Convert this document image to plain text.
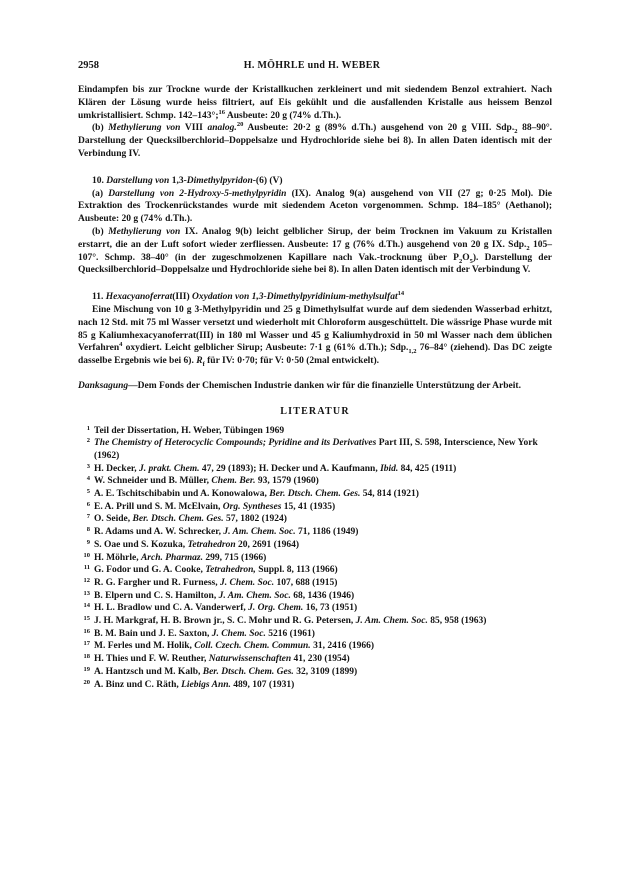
2958	H. MÖHRLE und H. WEBER

Eindampfen bis zur Trockne wurde der Kristallkuchen zerkleinert und mit siedendem Benzol extrahiert. Nach Klären der Lösung wurde heiss filtriert, auf Eis gekühlt und die ausfallenden Kristalle aus heissem Benzol umkristallisiert. Schmp. 142–143°;$^{16}$ Ausbeute: 20 g (74% d.Th.).

(b) Methylierung von VIII analog.$^{20}$ Ausbeute: 20·2 g (89% d.Th.) ausgehend von 20 g VIII. $Sdp._2$ 88–90°. Darstellung der Quecksilberchlorid–Doppelsalze und Hydrochloride siehe bei 8). In allen Daten identisch mit der Verbindung IV.

10. Darstellung von 1,3-Dimethylpyridon-(6) (V)

(a) Darstellung von 2-Hydroxy-5-methylpyridin (IX). Analog 9(a) ausgehend von VII (27 g; 0·25 Mol). Die Extraktion des Trockenrückstandes wurde mit siedendem Aceton vorgenommen. Schmp. 184–185° (Aethanol); Ausbeute: 20 g (74% d.Th.).

(b) Methylierung von IX. Analog 9(b) leicht gelblicher Sirup, der beim Trocknen im Vakuum zu Kristallen erstarrt, die an der Luft sofort wieder zerfliessen. Ausbeute: 17 g (76% d.Th.) ausgehend von 20 g IX. $Sdp._2$ 105–107°. Schmp. 38–40° (in der zugeschmolzenen Kapillare nach Vak.-trocknung über $P_2O_5$). Darstellung der Quecksilberchlorid–Doppelsalze und Hydrochloride siehe bei 8). In allen Daten identisch mit der Verbindung V.

11. Hexacyanoferrat(III) Oxydation von 1,3-Dimethylpyridinium-methylsulfat$^{14}$

Eine Mischung von 10 g 3-Methylpyridin und 25 g Dimethylsulfat wurde auf dem siedenden Wasserbad erhitzt, nach 12 Std. mit 75 ml Wasser versetzt und wiederholt mit Chloroform ausgeschüttelt. Die wässrige Phase wurde mit 85 g Kaliumhexacyanoferrat(III) in 180 ml Wasser und 45 g Kaliumhydroxid in 50 ml Wasser nach dem üblichen Verfahren$^4$ oxydiert. Leicht gelblicher Sirup; Ausbeute: 7·1 g (61% d.Th.); $Sdp._{1,2}$ 76–84° (ziehend). Das DC zeigte dasselbe Ergebnis wie bei 6). $R_f$ für IV: 0·70; für V: 0·50 (2mal entwickelt).

Danksagung—Dem Fonds der Chemischen Industrie danken wir für die finanzielle Unterstützung der Arbeit.

LITERATUR
1 Teil der Dissertation, H. Weber, Tübingen 1969
2 The Chemistry of Heterocyclic Compounds; Pyridine and its Derivatives Part III, S. 598, Interscience, New York (1962)
3 H. Decker, J. prakt. Chem. 47, 29 (1893); H. Decker und A. Kaufmann, Ibid. 84, 425 (1911)
4 W. Schneider und B. Müller, Chem. Ber. 93, 1579 (1960)
5 A. E. Tschitschibabin und A. Konowalowa, Ber. Dtsch. Chem. Ges. 54, 814 (1921)
6 E. A. Prill und S. M. McElvain, Org. Syntheses 15, 41 (1935)
7 O. Seide, Ber. Dtsch. Chem. Ges. 57, 1802 (1924)
8 R. Adams und A. W. Schrecker, J. Am. Chem. Soc. 71, 1186 (1949)
9 S. Oae und S. Kozuka, Tetrahedron 20, 2691 (1964)
10 H. Möhrle, Arch. Pharmaz. 299, 715 (1966)
11 G. Fodor und G. A. Cooke, Tetrahedron, Suppl. 8, 113 (1966)
12 R. G. Fargher und R. Furness, J. Chem. Soc. 107, 688 (1915)
13 B. Elpern und C. S. Hamilton, J. Am. Chem. Soc. 68, 1436 (1946)
14 H. L. Bradlow und C. A. Vanderwerf, J. Org. Chem. 16, 73 (1951)
15 J. H. Markgraf, H. B. Brown jr., S. C. Mohr und R. G. Petersen, J. Am. Chem. Soc. 85, 958 (1963)
16 B. M. Bain und J. E. Saxton, J. Chem. Soc. 5216 (1961)
17 M. Ferles und M. Holik, Coll. Czech. Chem. Commun. 31, 2416 (1966)
18 H. Thies und F. W. Reuther, Naturwissenschaften 41, 230 (1954)
19 A. Hantzsch und M. Kalb, Ber. Dtsch. Chem. Ges. 32, 3109 (1899)
20 A. Binz und C. Räth, Liebigs Ann. 489, 107 (1931)
